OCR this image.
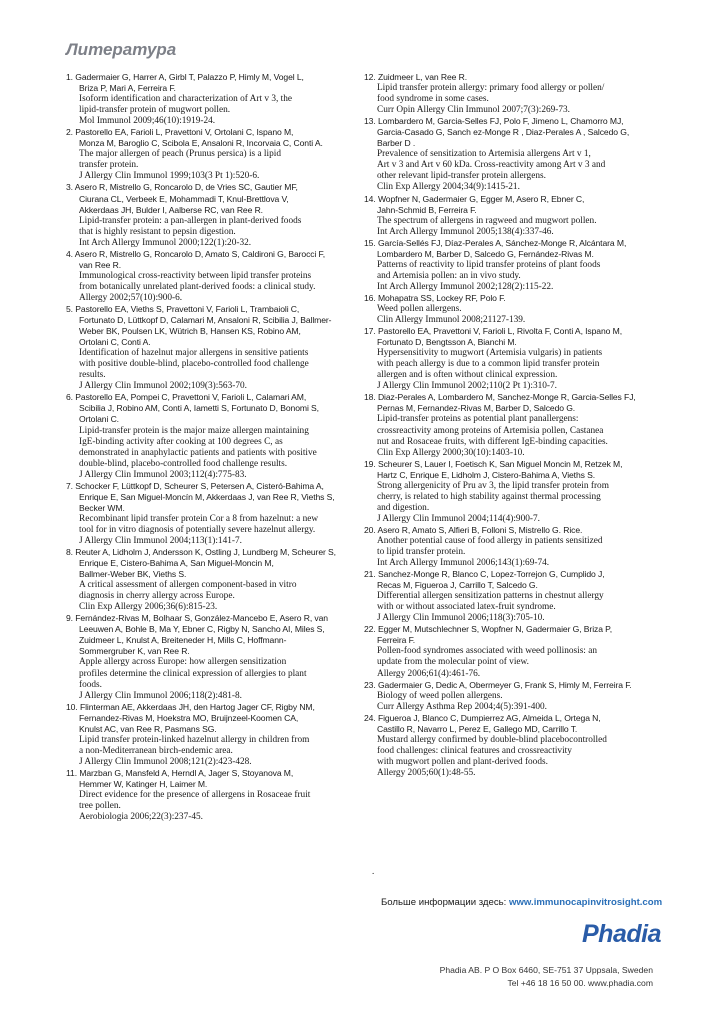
Литература
1. Gadermaier G, Harrer A, Girbl T, Palazzo P, Himly M, Vogel L,
Briza P, Mari A, Ferreira F.
Isoform identification and characterization of Art v 3, the
lipid-transfer protein of mugwort pollen.
Mol Immunol 2009;46(10):1919-24.
2. Pastorello EA, Farioli L, Pravettoni V, Ortolani C, Ispano M,
Monza M, Baroglio C, Scibola E, Ansaloni R, Incorvaia C, Conti A.
The major allergen of peach (Prunus persica) is a lipid
transfer protein.
J Allergy Clin Immunol 1999;103(3 Pt 1):520-6.
3. Asero R, Mistrello G, Roncarolo D, de Vries SC, Gautier MF,
Ciurana CL, Verbeek E, Mohammadi T, Knul-Brettlova V,
Akkerdaas JH, Bulder I, Aalberse RC, van Ree R.
Lipid-transfer protein: a pan-allergen in plant-derived foods
that is highly resistant to pepsin digestion.
Int Arch Allergy Immunol 2000;122(1):20-32.
4. Asero R, Mistrello G, Roncarolo D, Amato S, Caldironi G, Barocci F,
van Ree R.
Immunological cross-reactivity between lipid transfer proteins
from botanically unrelated plant-derived foods: a clinical study.
Allergy 2002;57(10):900-6.
5. Pastorello EA, Vieths S, Pravettoni V, Farioli L, Trambaioli C,
Fortunato D, Lüttkopf D, Calamari M, Ansaloni R, Scibilia J, Ballmer-
Weber BK, Poulsen LK, Wütrich B, Hansen KS, Robino AM,
Ortolani C, Conti A.
Identification of hazelnut major allergens in sensitive patients
with positive double-blind, placebo-controlled food challenge
results.
J Allergy Clin Immunol 2002;109(3):563-70.
6. Pastorello EA, Pompei C, Pravettoni V, Farioli L, Calamari AM,
Scibilia J, Robino AM, Conti A, Iametti S, Fortunato D, Bonomi S,
Ortolani C.
Lipid-transfer protein is the major maize allergen maintaining
IgE-binding activity after cooking at 100 degrees C, as
demonstrated in anaphylactic patients and patients with positive
double-blind, placebo-controlled food challenge results.
J Allergy Clin Immunol 2003;112(4):775-83.
7. Schocker F, Lüttkopf D, Scheurer S, Petersen A, Cisteró-Bahima A,
Enrique E, San Miguel-Moncín M, Akkerdaas J, van Ree R, Vieths S,
Becker WM.
Recombinant lipid transfer protein Cor a 8 from hazelnut: a new
tool for in vitro diagnosis of potentially severe hazelnut allergy.
J Allergy Clin Immunol 2004;113(1):141-7.
8. Reuter A, Lidholm J, Andersson K, Ostling J, Lundberg M, Scheurer S,
Enrique E, Cistero-Bahima A, San Miguel-Moncin M,
Ballmer-Weber BK, Vieths S.
A critical assessment of allergen component-based in vitro
diagnosis in cherry allergy across Europe.
Clin Exp Allergy 2006;36(6):815-23.
9. Fernández-Rivas M, Bolhaar S, González-Mancebo E, Asero R, van
Leeuwen A, Bohle B, Ma Y, Ebner C, Rigby N, Sancho AI, Miles S,
Zuidmeer L, Knulst A, Breiteneder H, Mills C, Hoffmann-
Sommergruber K, van Ree R.
Apple allergy across Europe: how allergen sensitization
profiles determine the clinical expression of allergies to plant
foods.
J Allergy Clin Immunol 2006;118(2):481-8.
10. Flinterman AE, Akkerdaas JH, den Hartog Jager CF, Rigby NM,
Fernandez-Rivas M, Hoekstra MO, Bruijnzeel-Koomen CA,
Knulst AC, van Ree R, Pasmans SG.
Lipid transfer protein-linked hazelnut allergy in children from
a non-Mediterranean birch-endemic area.
J Allergy Clin Immunol 2008;121(2):423-428.
11. Marzban G, Mansfeld A, Herndl A, Jager S, Stoyanova M,
Hemmer W, Katinger H, Laimer M.
Direct evidence for the presence of allergens in Rosaceae fruit
tree pollen.
Aerobiologia 2006;22(3):237-45.
12. Zuidmeer L, van Ree R.
Lipid transfer protein allergy: primary food allergy or pollen/
food syndrome in some cases.
Curr Opin Allergy Clin Immunol 2007;7(3):269-73.
13. Lombardero M, Garcia-Selles FJ, Polo F, Jimeno L, Chamorro MJ,
Garcia-Casado G, Sanch ez-Monge R , Diaz-Perales A , Salcedo G,
Barber D .
Prevalence of sensitization to Artemisia allergens Art v 1,
Art v 3 and Art v 60 kDa. Cross-reactivity among Art v 3 and
other relevant lipid-transfer protein allergens.
Clin Exp Allergy 2004;34(9):1415-21.
14. Wopfner N, Gadermaier G, Egger M, Asero R, Ebner C,
Jahn-Schmid B, Ferreira F.
The spectrum of allergens in ragweed and mugwort pollen.
Int Arch Allergy Immunol 2005;138(4):337-46.
15. García-Sellés FJ, Díaz-Perales A, Sánchez-Monge R, Alcántara M,
Lombardero M, Barber D, Salcedo G, Fernández-Rivas M.
Patterns of reactivity to lipid transfer proteins of plant foods
and Artemisia pollen: an in vivo study.
Int Arch Allergy Immunol 2002;128(2):115-22.
16. Mohapatra SS, Lockey RF, Polo F.
Weed pollen allergens.
Clin Allergy Immunol 2008;21127-139.
17. Pastorello EA, Pravettoni V, Farioli L, Rivolta F, Conti A, Ispano M,
Fortunato D, Bengtsson A, Bianchi M.
Hypersensitivity to mugwort (Artemisia vulgaris) in patients
with peach allergy is due to a common lipid transfer protein
allergen and is often without clinical expression.
J Allergy Clin Immunol 2002;110(2 Pt 1):310-7.
18. Diaz-Perales A, Lombardero M, Sanchez-Monge R, Garcia-Selles FJ,
Pernas M, Fernandez-Rivas M, Barber D, Salcedo G.
Lipid-transfer proteins as potential plant panallergens:
crossreactivity among proteins of Artemisia pollen, Castanea
nut and Rosaceae fruits, with different IgE-binding capacities.
Clin Exp Allergy 2000;30(10):1403-10.
19. Scheurer S, Lauer I, Foetisch K, San Miguel Moncin M, Retzek M,
Hartz C, Enrique E, Lidholm J, Cistero-Bahima A, Vieths S.
Strong allergenicity of Pru av 3, the lipid transfer protein from
cherry, is related to high stability against thermal processing
and digestion.
J Allergy Clin Immunol 2004;114(4):900-7.
20. Asero R, Amato S, Alfieri B, Folloni S, Mistrello G. Rice.
Another potential cause of food allergy in patients sensitized
to lipid transfer protein.
Int Arch Allergy Immunol 2006;143(1):69-74.
21. Sanchez-Monge R, Blanco C, Lopez-Torrejon G, Cumplido J,
Recas M, Figueroa J, Carrillo T, Salcedo G.
Differential allergen sensitization patterns in chestnut allergy
with or without associated latex-fruit syndrome.
J Allergy Clin Immunol 2006;118(3):705-10.
22. Egger M, Mutschlechner S, Wopfner N, Gadermaier G, Briza P,
Ferreira F.
Pollen-food syndromes associated with weed pollinosis: an
update from the molecular point of view.
Allergy 2006;61(4):461-76.
23. Gadermaier G, Dedic A, Obermeyer G, Frank S, Himly M, Ferreira F.
Biology of weed pollen allergens.
Curr Allergy Asthma Rep 2004;4(5):391-400.
24. Figueroa J, Blanco C, Dumpierrez AG, Almeida L, Ortega N,
Castillo R, Navarro L, Perez E, Gallego MD, Carrillo T.
Mustard allergy confirmed by double-blind placebocontrolled
food challenges: clinical features and crossreactivity
with mugwort pollen and plant-derived foods.
Allergy 2005;60(1):48-55.
.
Больше информации здесь: www.immunocapinvitrosight.com
Phadia
Phadia AB. P O Box 6460, SE-751 37 Uppsala, Sweden
Tel +46 18 16 50 00. www.phadia.com
